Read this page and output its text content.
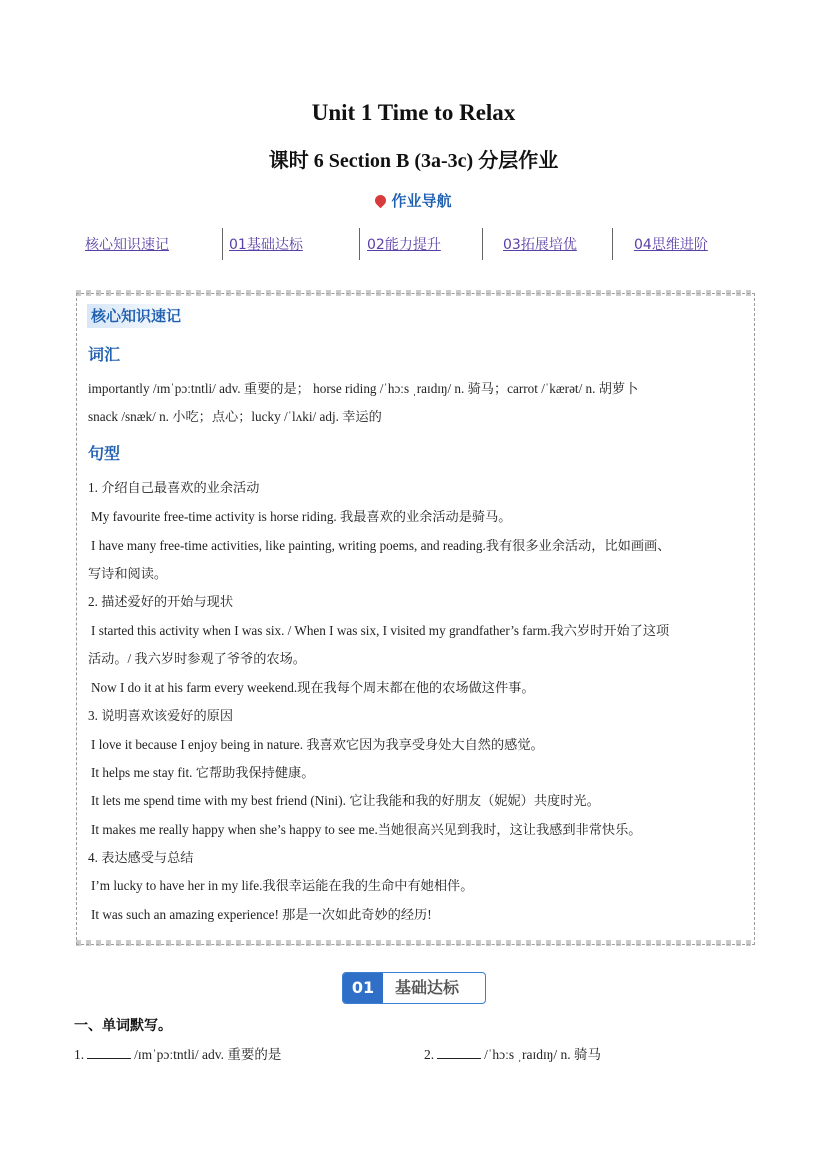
Unit 1 Time to Relax
课时 6 Section B (3a-3c) 分层作业
作业导航
核心知识速记	01基础达标	02能力提升	03拓展培优	04思维进阶
核心知识速记
词汇
importantly /ɪmˈpɔːtntli/ adv. 重要的是； horse riding /ˈhɔːs ˌraɪdɪŋ/ n. 骑马；carrot /ˈkærət/ n. 胡萝卜
snack /snæk/ n. 小吃；点心；lucky /ˈlʌki/ adj. 幸运的
句型
1. 介绍自己最喜欢的业余活动
My favourite free-time activity is horse riding. 我最喜欢的业余活动是骑马。
I have many free-time activities, like painting, writing poems, and reading.我有很多业余活动，比如画画、
写诗和阅读。
2. 描述爱好的开始与现状
I started this activity when I was six. / When I was six, I visited my grandfather’s farm.我六岁时开始了这项
活动。/ 我六岁时参观了爷爷的农场。
Now I do it at his farm every weekend.现在我每个周末都在他的农场做这件事。
3. 说明喜欢该爱好的原因
I love it because I enjoy being in nature. 我喜欢它因为我享受身处大自然的感觉。
It helps me stay fit. 它帮助我保持健康。
It lets me spend time with my best friend (Nini). 它让我能和我的好朋友（妮妮）共度时光。
It makes me really happy when she’s happy to see me.当她很高兴见到我时，这让我感到非常快乐。
4. 表达感受与总结
I’m lucky to have her in my life.我很幸运能在我的生命中有她相伴。
It was such an amazing experience! 那是一次如此奇妙的经历!
01	基础达标
一、单词默写。
1.	/ɪmˈpɔːtntli/ adv. 重要的是	2.	/ˈhɔːs ˌraɪdɪŋ/ n. 骑马
